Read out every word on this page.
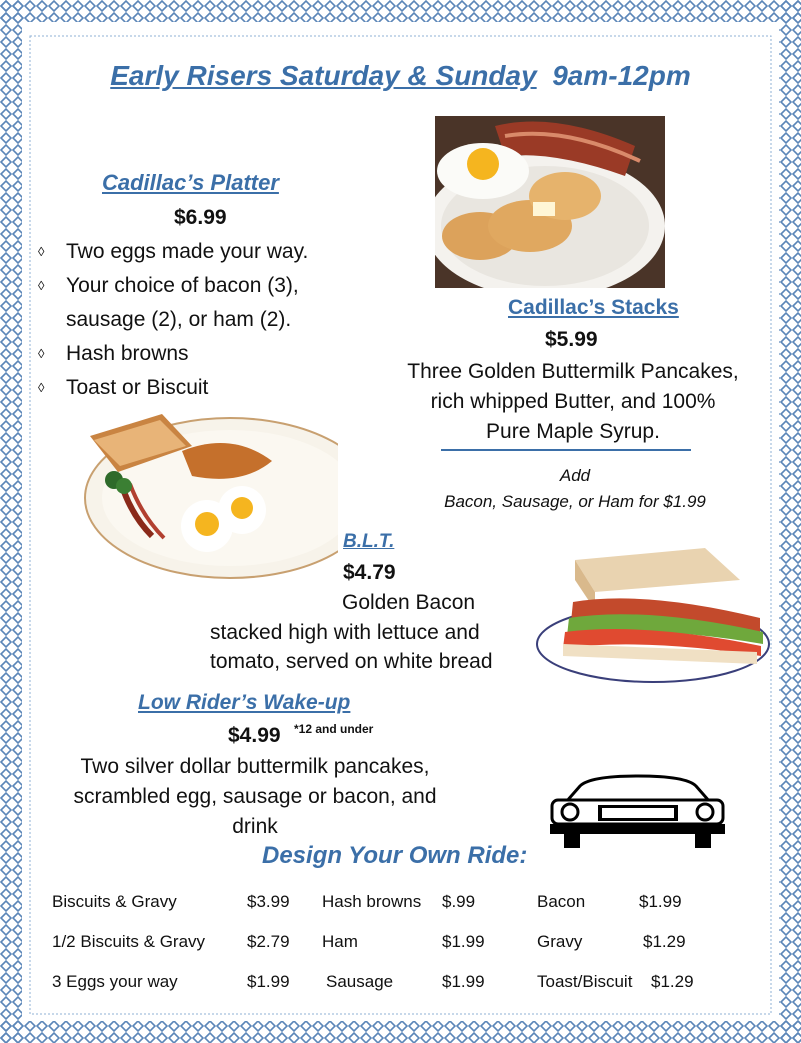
Early Risers Saturday & Sunday 9am-12pm
Cadillac’s Platter
$6.99
◊ Two eggs made your way.
◊ Your choice of bacon (3),
sausage (2), or ham (2).
◊ Hash browns
◊ Toast or Biscuit
Cadillac’s Stacks
$5.99
Three Golden Buttermilk Pancakes,
rich whipped Butter, and 100%
Pure Maple Syrup.
Add
Bacon, Sausage, or Ham for $1.99
B.L.T.
$4.79
Golden Bacon
stacked high with lettuce and
tomato, served on white bread
Low Rider’s Wake-up
$4.99 *12 and under
Two silver dollar buttermilk pancakes,
scrambled egg, sausage or bacon, and
drink
Design Your Own Ride:
Biscuits & Gravy	$3.99	Hash browns	$.99	Bacon	$1.99
1/2 Biscuits & Gravy	$2.79	Ham	$1.99	Gravy	$1.29
3 Eggs your way	$1.99	Sausage	$1.99	Toast/Biscuit	$1.29
